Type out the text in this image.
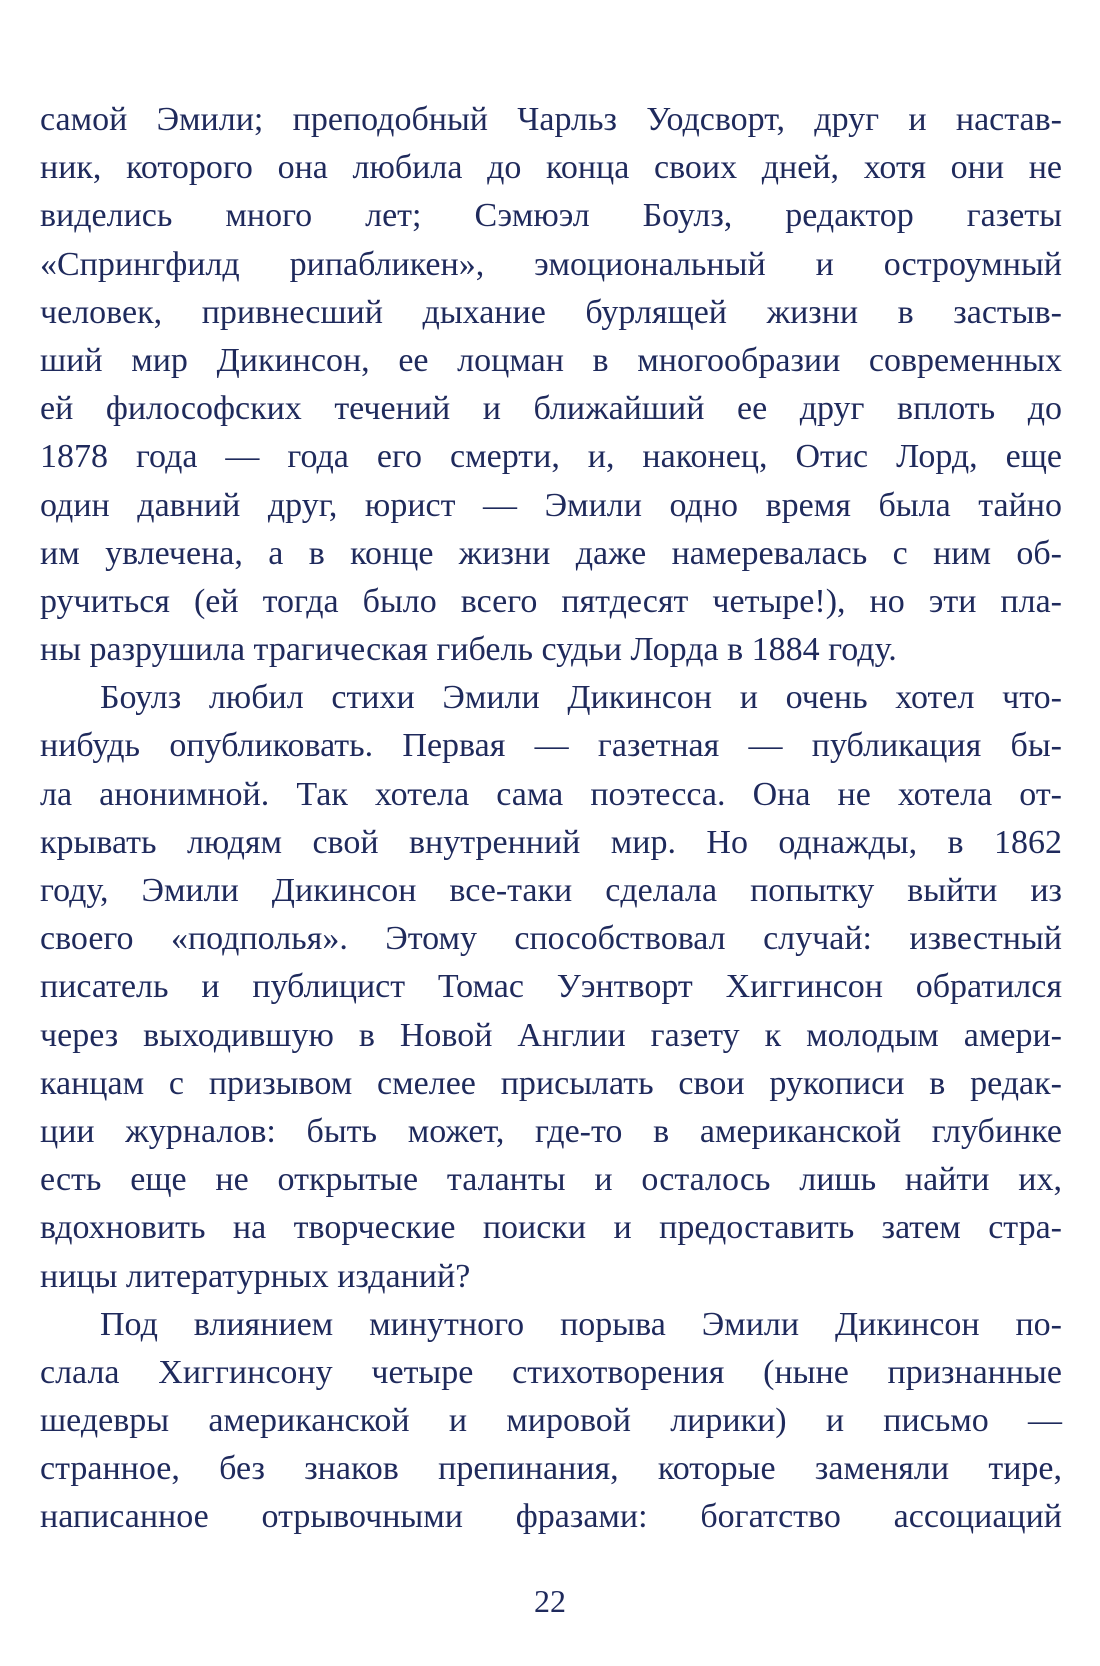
самой Эмили; преподобный Чарльз Уодсворт, друг и настав-
ник, которого она любила до конца своих дней, хотя они не
виделись много лет; Сэмюэл Боулз, редактор газеты
«Спрингфилд рипабликен», эмоциональный и остроумный
человек, привнесший дыхание бурлящей жизни в застыв-
ший мир Дикинсон, ее лоцман в многообразии современных
ей философских течений и ближайший ее друг вплоть до
1878 года — года его смерти, и, наконец, Отис Лорд, еще
один давний друг, юрист — Эмили одно время была тайно
им увлечена, а в конце жизни даже намеревалась с ним об-
ручиться (ей тогда было всего пятдесят четыре!), но эти пла-
ны разрушила трагическая гибель судьи Лорда в 1884 году.
Боулз любил стихи Эмили Дикинсон и очень хотел что-
нибудь опубликовать. Первая — газетная — публикация бы-
ла анонимной. Так хотела сама поэтесса. Она не хотела от-
крывать людям свой внутренний мир. Но однажды, в 1862
году, Эмили Дикинсон все-таки сделала попытку выйти из
своего «подполья». Этому способствовал случай: известный
писатель и публицист Томас Уэнтворт Хиггинсон обратился
через выходившую в Новой Англии газету к молодым амери-
канцам с призывом смелее присылать свои рукописи в редак-
ции журналов: быть может, где-то в американской глубинке
есть еще не открытые таланты и осталось лишь найти их,
вдохновить на творческие поиски и предоставить затем стра-
ницы литературных изданий?
Под влиянием минутного порыва Эмили Дикинсон по-
слала Хиггинсону четыре стихотворения (ныне признанные
шедевры американской и мировой лирики) и письмо —
странное, без знаков препинания, которые заменяли тире,
написанное отрывочными фразами: богатство ассоциаций
22
